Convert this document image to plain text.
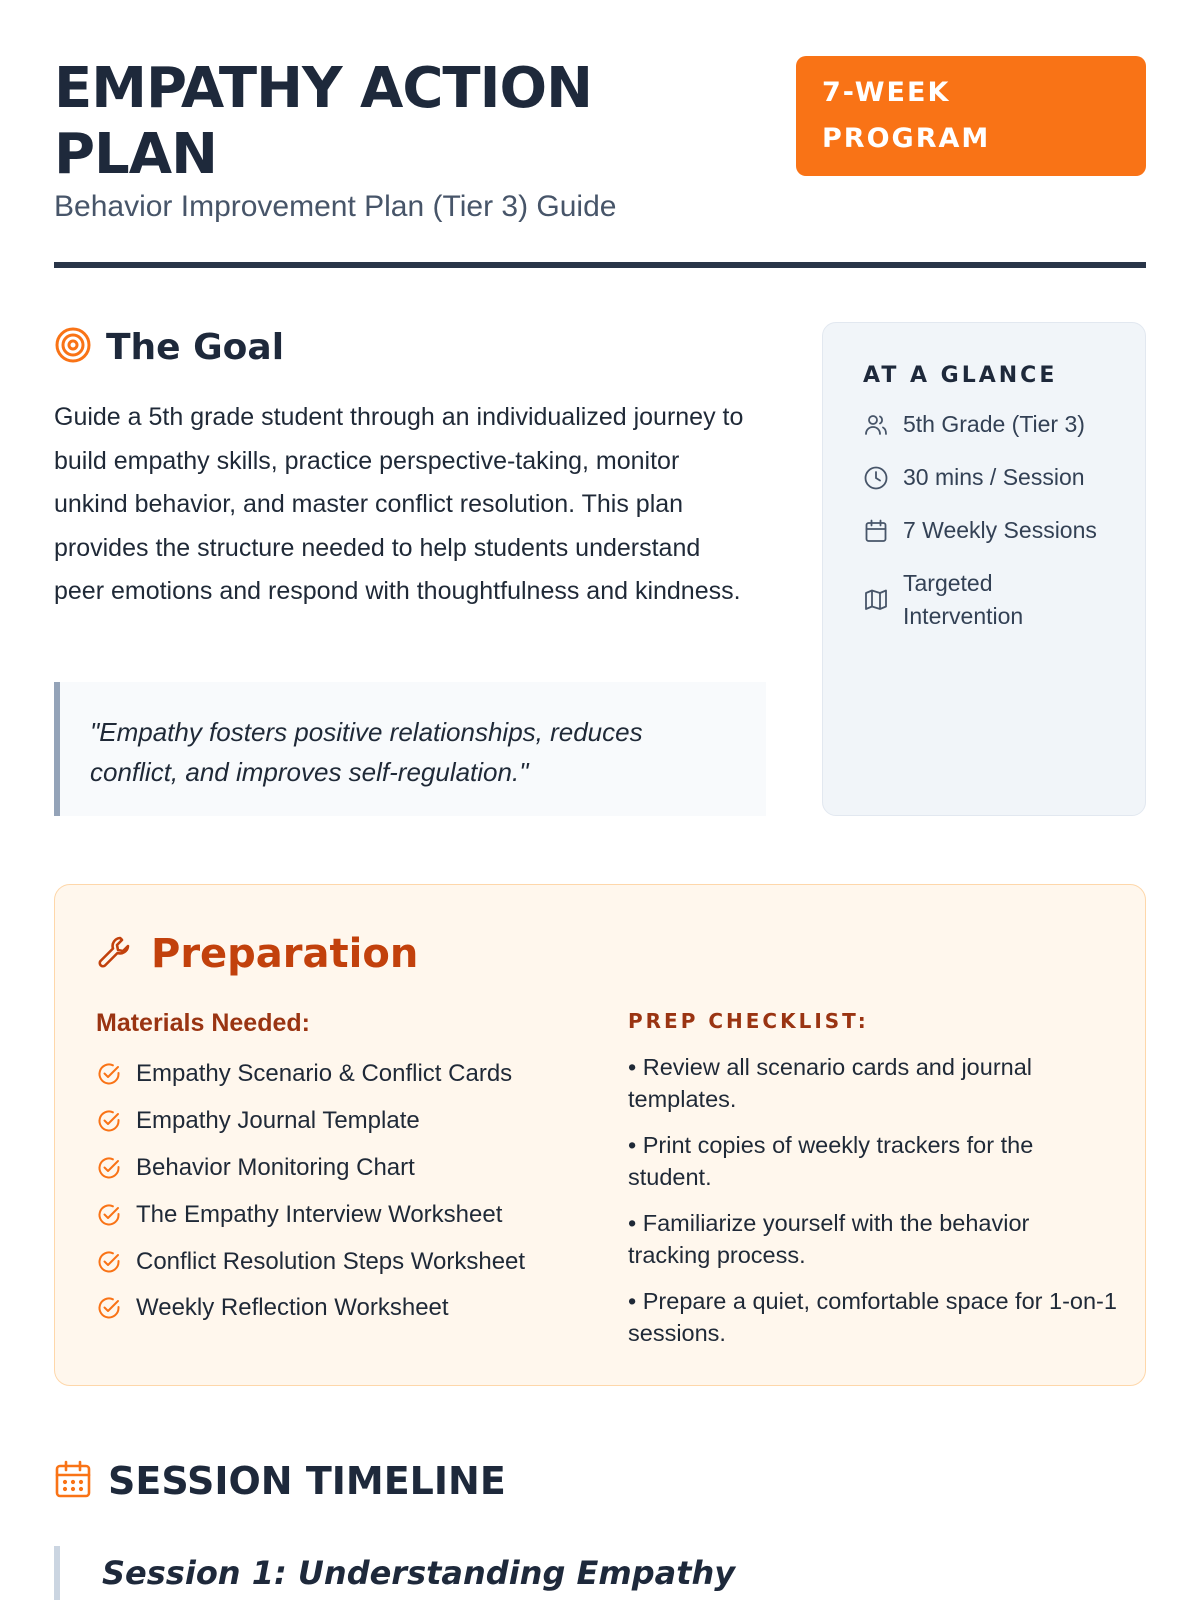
EMPATHY ACTION PLAN
Behavior Improvement Plan (Tier 3) Guide
7-WEEK PROGRAM
The Goal

Guide a 5th grade student through an individualized journey to build empathy skills, practice perspective-taking, monitor unkind behavior, and master conflict resolution. This plan provides the structure needed to help students understand peer emotions and respond with thoughtfulness and kindness.

"Empathy fosters positive relationships, reduces conflict, and improves self-regulation."
AT A GLANCE
5th Grade (Tier 3)
30 mins / Session
7 Weekly Sessions
Targeted Intervention
Preparation
Materials Needed:
Empathy Scenario & Conflict Cards
Empathy Journal Template
Behavior Monitoring Chart
The Empathy Interview Worksheet
Conflict Resolution Steps Worksheet
Weekly Reflection Worksheet
PREP CHECKLIST:
• Review all scenario cards and journal templates.
• Print copies of weekly trackers for the student.
• Familiarize yourself with the behavior tracking process.
• Prepare a quiet, comfortable space for 1-on-1 sessions.
SESSION TIMELINE
Session 1: Understanding Empathy
